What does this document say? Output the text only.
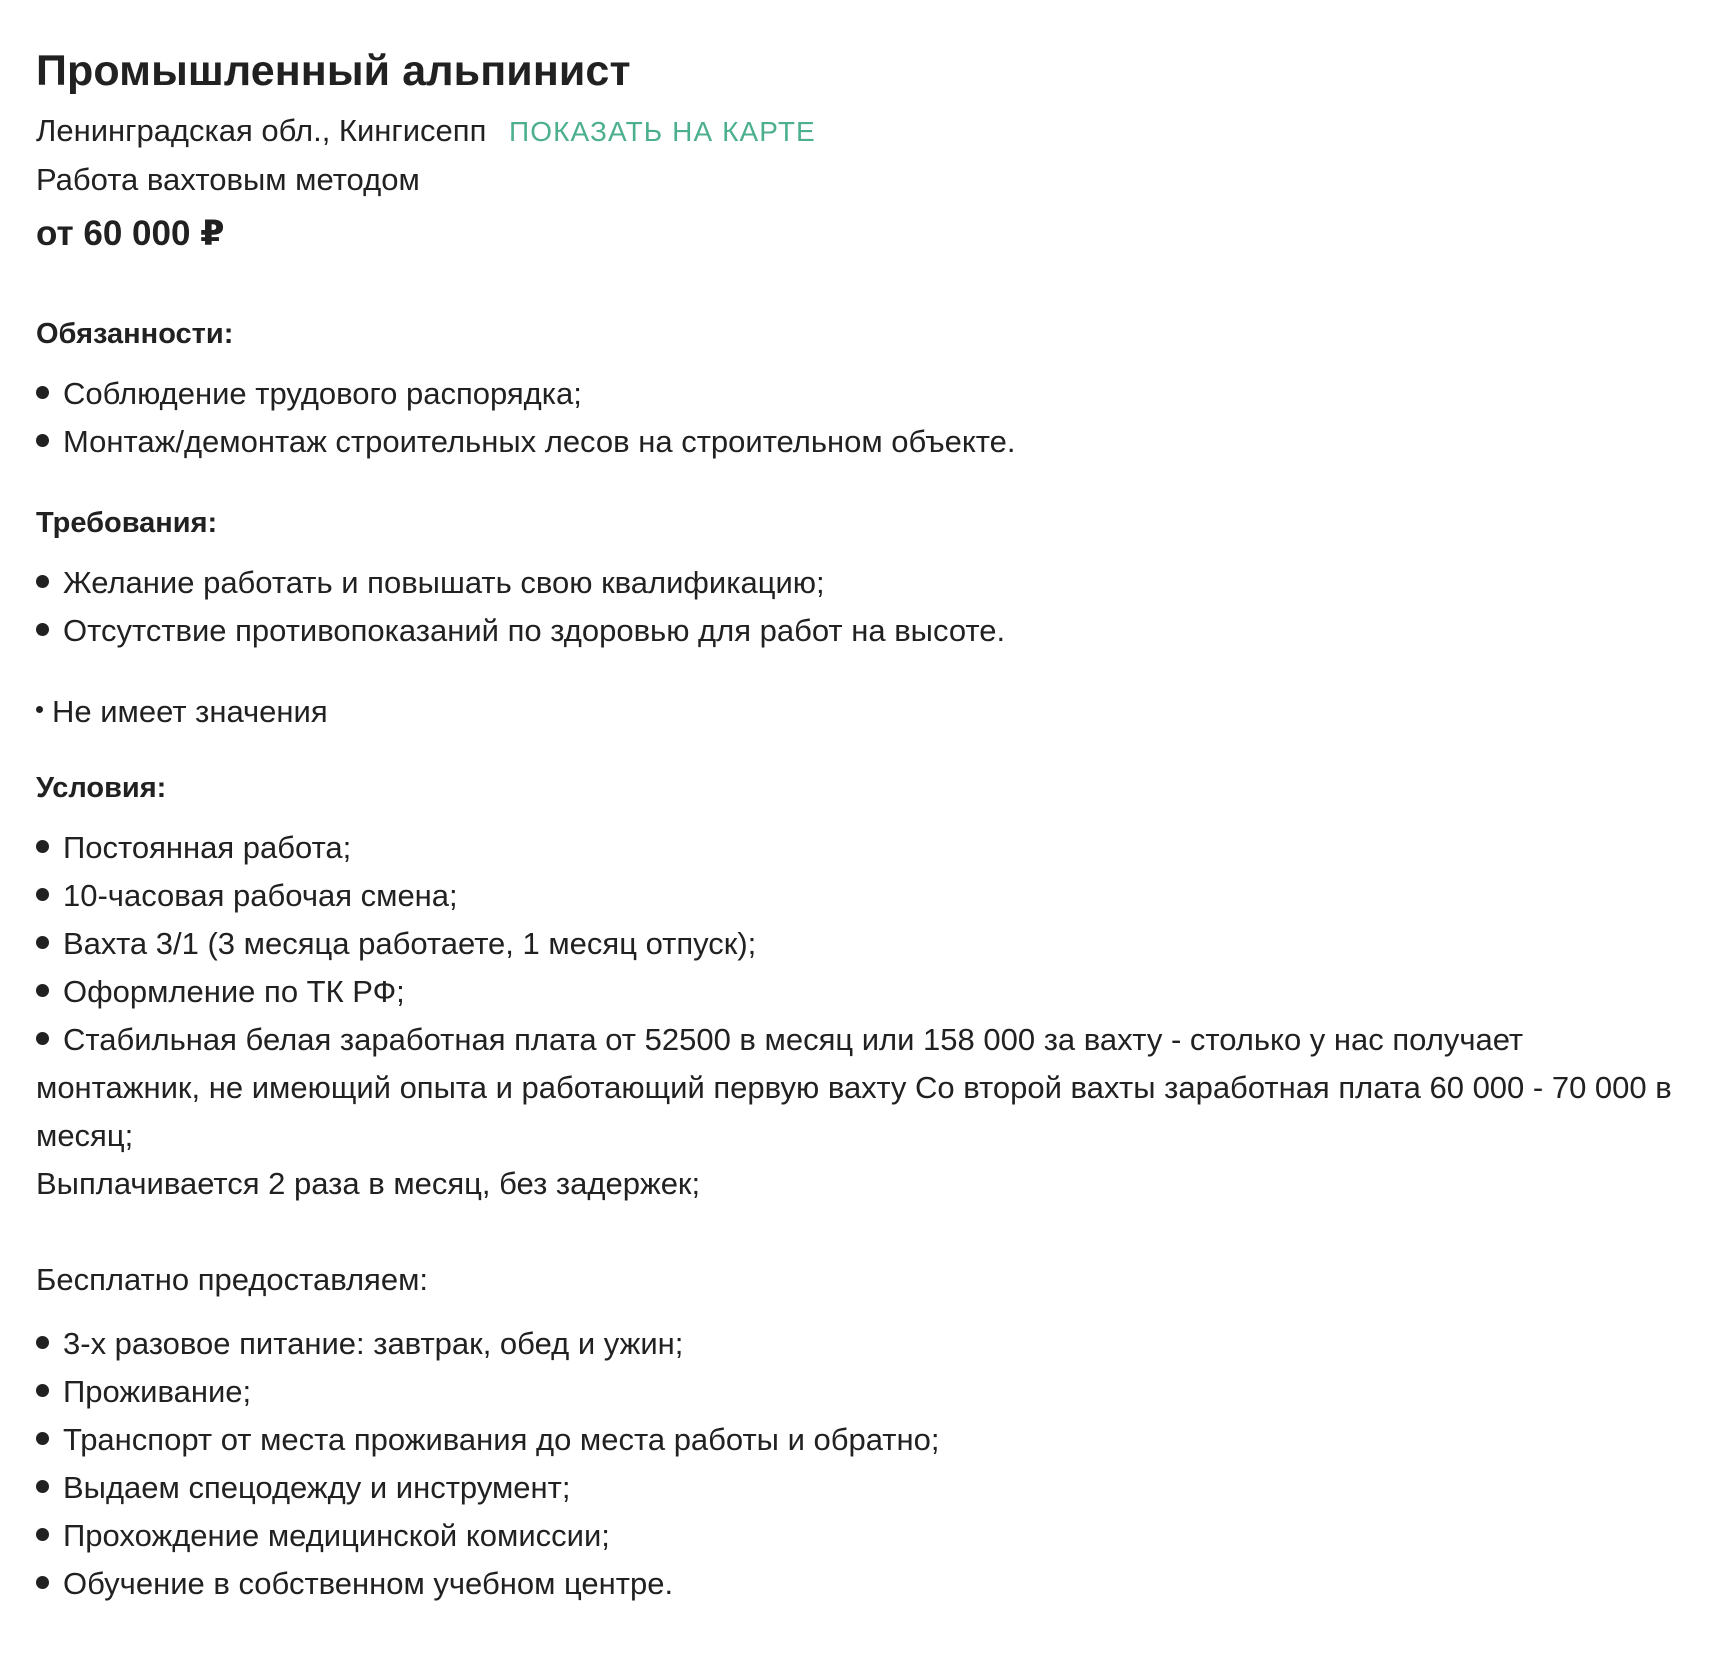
Промышленный альпинист
Ленинградская обл., Кингисепп ПОКАЗАТЬ НА КАРТЕ
Работа вахтовым методом
от 60 000 ₽
Обязанности:
Соблюдение трудового распорядка;
Монтаж/демонтаж строительных лесов на строительном объекте.
Требования:
Желание работать и повышать свою квалификацию;
Отсутствие противопоказаний по здоровью для работ на высоте.
Не имеет значения
Условия:
Постоянная работа;
10-часовая рабочая смена;
Вахта 3/1 (3 месяца работаете, 1 месяц отпуск);
Оформление по ТК РФ;
Стабильная белая заработная плата от 52500 в месяц или 158 000 за вахту - столько у нас получает монтажник, не имеющий опыта и работающий первую вахту Со второй вахты заработная плата 60 000 - 70 000 в месяц;
Выплачивается 2 раза в месяц, без задержек;
Бесплатно предоставляем:
3-х разовое питание: завтрак, обед и ужин;
Проживание;
Транспорт от места проживания до места работы и обратно;
Выдаем спецодежду и инструмент;
Прохождение медицинской комиссии;
Обучение в собственном учебном центре.
